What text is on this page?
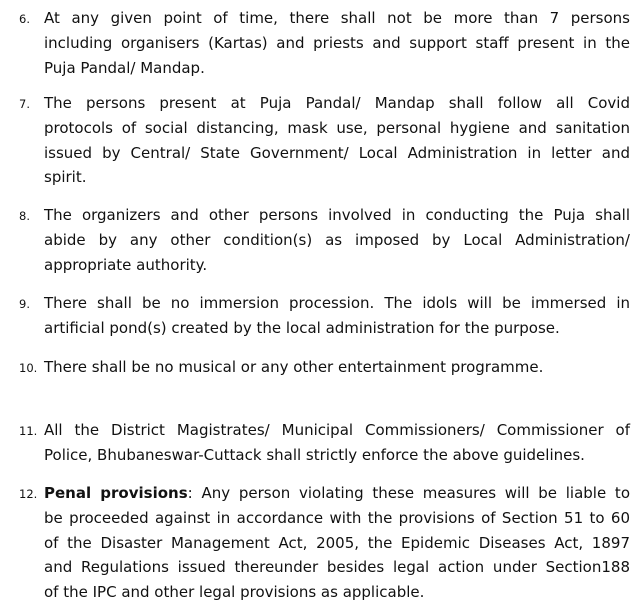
6. At any given point of time, there shall not be more than 7 persons
including organisers (Kartas) and priests and support staff present in the
Puja Pandal/ Mandap.
7. The persons present at Puja Pandal/ Mandap shall follow all Covid
protocols of social distancing, mask use, personal hygiene and sanitation
issued by Central/ State Government/ Local Administration in letter and
spirit.
8. The organizers and other persons involved in conducting the Puja shall
abide by any other condition(s) as imposed by Local Administration/
appropriate authority.
9. There shall be no immersion procession. The idols will be immersed in
artificial pond(s) created by the local administration for the purpose.
10. There shall be no musical or any other entertainment programme.
11. All the District Magistrates/ Municipal Commissioners/ Commissioner of
Police, Bhubaneswar-Cuttack shall strictly enforce the above guidelines.
12. Penal provisions: Any person violating these measures will be liable to
be proceeded against in accordance with the provisions of Section 51 to 60
of the Disaster Management Act, 2005, the Epidemic Diseases Act, 1897
and Regulations issued thereunder besides legal action under Section188
of the IPC and other legal provisions as applicable.
